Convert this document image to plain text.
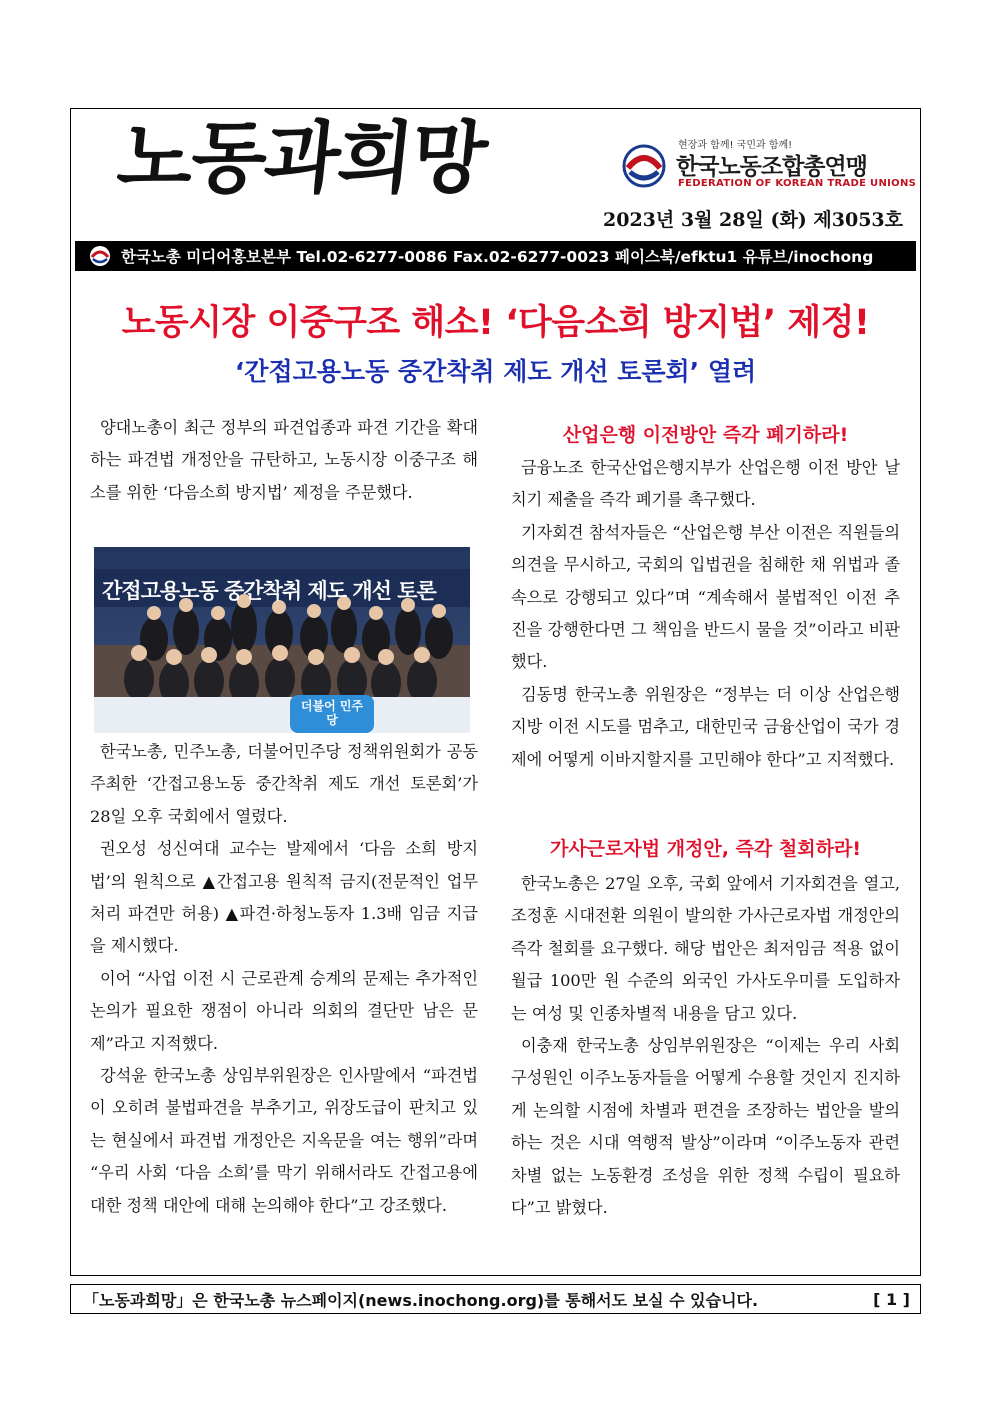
노동과희망	현장과 함께! 국민과 함께!
한국노동조합총연맹
FEDERATION OF KOREAN TRADE UNIONS
2023년 3월 28일 (화) 제3053호
한국노총 미디어홍보본부 Tel.02-6277-0086 Fax.02-6277-0023 페이스북/efktu1 유튜브/inochong
노동시장 이중구조 해소! ‘다음소희 방지법’ 제정!
‘간접고용노동 중간착취 제도 개선 토론회’ 열려

양대노총이 최근 정부의 파견업종과 파견 기간을 확대하는 파견법 개정안을 규탄하고, 노동시장 이중구조 해소를 위한 ‘다음소희 방지법’ 제정을 주문했다.

간접고용노동 중간착취 제도 개선 토론
더불어 민주당

한국노총, 민주노총, 더불어민주당 정책위원회가 공동 주최한 ‘간접고용노동 중간착취 제도 개선 토론회’가 28일 오후 국회에서 열렸다.

권오성 성신여대 교수는 발제에서 ‘다음 소희 방지법’의 원칙으로 ▲간접고용 원칙적 금지(전문적인 업무처리 파견만 허용) ▲파견·하청노동자 1.3배 임금 지급을 제시했다.

이어 “사업 이전 시 근로관계 승계의 문제는 추가적인 논의가 필요한 쟁점이 아니라 의회의 결단만 남은 문제”라고 지적했다.

강석윤 한국노총 상임부위원장은 인사말에서 “파견법이 오히려 불법파견을 부추기고, 위장도급이 판치고 있는 현실에서 파견법 개정안은 지옥문을 여는 행위”라며 “우리 사회 ‘다음 소희’를 막기 위해서라도 간접고용에 대한 정책 대안에 대해 논의해야 한다”고 강조했다.

산업은행 이전방안 즉각 폐기하라!

금융노조 한국산업은행지부가 산업은행 이전 방안 날치기 제출을 즉각 폐기를 촉구했다.

기자회견 참석자들은 “산업은행 부산 이전은 직원들의 의견을 무시하고, 국회의 입법권을 침해한 채 위법과 졸속으로 강행되고 있다”며 “계속해서 불법적인 이전 추진을 강행한다면 그 책임을 반드시 물을 것”이라고 비판했다.

김동명 한국노총 위원장은 “정부는 더 이상 산업은행 지방 이전 시도를 멈추고, 대한민국 금융산업이 국가 경제에 어떻게 이바지할지를 고민해야 한다”고 지적했다.

가사근로자법 개정안, 즉각 철회하라!

한국노총은 27일 오후, 국회 앞에서 기자회견을 열고, 조정훈 시대전환 의원이 발의한 가사근로자법 개정안의 즉각 철회를 요구했다. 해당 법안은 최저임금 적용 없이 월급 100만 원 수준의 외국인 가사도우미를 도입하자는 여성 및 인종차별적 내용을 담고 있다.

이충재 한국노총 상임부위원장은 “이제는 우리 사회 구성원인 이주노동자들을 어떻게 수용할 것인지 진지하게 논의할 시점에 차별과 편견을 조장하는 법안을 발의하는 것은 시대 역행적 발상”이라며 “이주노동자 관련 차별 없는 노동환경 조성을 위한 정책 수립이 필요하다”고 밝혔다.

「노동과희망」은 한국노총 뉴스페이지(news.inochong.org)를 통해서도 보실 수 있습니다.	[ 1 ]
